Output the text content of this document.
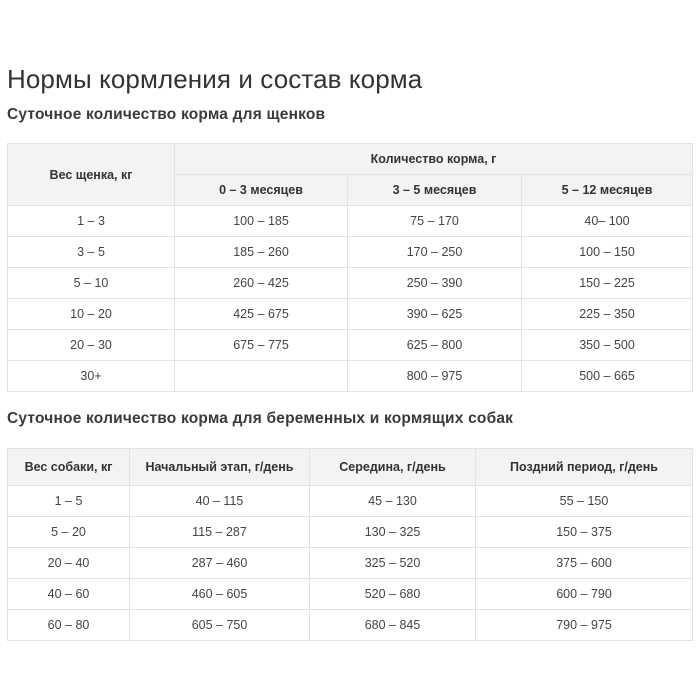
Нормы кормления и состав корма
Суточное количество корма для щенков
Вес щенка, кг	Количество корма, г		
	0 – 3 месяцев	3 – 5 месяцев	5 – 12 месяцев
1 – 3	100 – 185	75 – 170	40– 100
3 – 5	185 – 260	170 – 250	100 – 150
5 – 10	260 – 425	250 – 390	150 – 225
10 – 20	425 – 675	390 – 625	225 – 350
20 – 30	675 – 775	625 – 800	350 – 500
30+		800 – 975	500 – 665
Суточное количество корма для беременных и кормящих собак
Вес собаки, кг	Начальный этап, г/день	Середина, г/день	Поздний период, г/день
1 – 5	40 – 115	45 – 130	55 – 150
5 – 20	115 – 287	130 – 325	150 – 375
20 – 40	287 – 460	325 – 520	375 – 600
40 – 60	460 – 605	520 – 680	600 – 790
60 – 80	605 – 750	680 – 845	790 – 975
